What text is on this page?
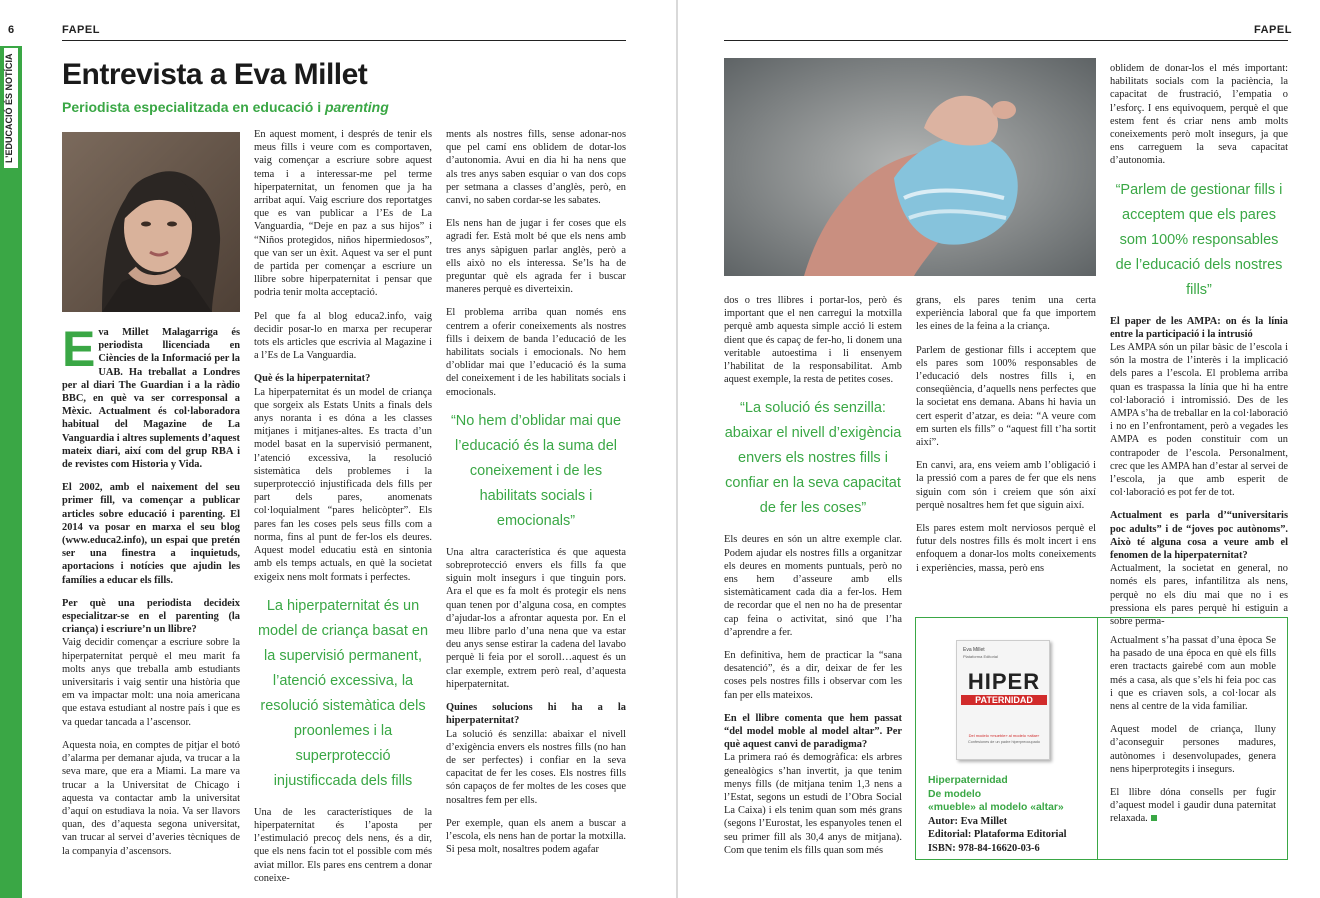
6	FAPEL
L’EDUCACIÓ ÉS NOTÍCIA
FAPEL
Entrevista a Eva Millet
Periodista especialitzada en educació i parenting

Eva Millet Malagarriga és periodista llicenciada en Ciències de la Informació per la UAB. Ha treballat a Londres per al diari The Guardian i a la ràdio BBC, en què va ser corresponsal a Mèxic. Actualment és col·laboradora habitual del Magazine de La Vanguardia i altres suplements d’aquest mateix diari, així com del grup RBA i de revistes com Historia y Vida.

El 2002, amb el naixement del seu primer fill, va començar a publicar articles sobre educació i parenting. El 2014 va posar en marxa el seu blog (www.educa2.info), un espai que pretén ser una finestra a inquietuds, aportacions i notícies que ajudin les famílies a educar els fills.

Per què una periodista decideix especialitzar-se en el parenting (la criança) i escriure’n un llibre?

Vaig decidir començar a escriure sobre la hiperpaternitat perquè el meu marit fa molts anys que treballa amb estudiants universitaris i vaig sentir una història que em va impactar molt: una noia americana que estava estudiant al nostre país i que es va quedar tancada a l’ascensor.

Aquesta noia, en comptes de pitjar el botó d’alarma per demanar ajuda, va trucar a la seva mare, que era a Miami. La mare va trucar a la Universitat de Chicago i aquesta va contactar amb la universitat d’aquí on estudiava la noia. Va ser llavors quan, des d’aquesta segona universitat, van trucar al servei d’averies tècniques de la companyia d’ascensors.

En aquest moment, i després de tenir els meus fills i veure com es comportaven, vaig començar a escriure sobre aquest tema i a interessar-me pel terme hiperpaternitat, un fenomen que ja ha arribat aquí. Vaig escriure dos reportatges que es van publicar a l’Es de La Vanguardia, “Deje en paz a sus hijos” i “Niños protegidos, niños hipermiedosos”, que van ser un èxit. Aquest va ser el punt de partida per començar a escriure un llibre sobre hiperpaternitat i pensar que podria tenir molta acceptació.

Pel que fa al blog educa2.info, vaig decidir posar-lo en marxa per recuperar tots els articles que escrivia al Magazine i a l’Es de La Vanguardia.

Què és la hiperpaternitat?

La hiperpaternitat és un model de criança que sorgeix als Estats Units a finals dels anys noranta i es dóna a les classes mitjanes i mitjanes-altes. Es tracta d’un model basat en la supervisió permanent, l’atenció excessiva, la resolució sistemàtica dels problemes i la superprotecció injustificada dels fills per part dels pares, anomenats col·loquialment “pares helicòpter”. Els pares fan les coses pels seus fills com a norma, fins al punt de fer-los els deures. Aquest model educatiu està en sintonia amb els temps actuals, en què la societat exigeix nens molt formats i perfectes.

La hiperpaternitat és un model de criança basat en la supervisió permanent, l’atenció excessiva, la resolució sistemàtica dels proonlemes i la superprotecció injustificcada dels fills

Una de les característiques de la hiperpaternitat és l’aposta per l’estimulació precoç dels nens, és a dir, que els nens facin tot el possible com més aviat millor. Els pares ens centrem a donar coneixe-

ments als nostres fills, sense adonar-nos que pel camí ens oblidem de dotar-los d’autonomia. Avui en dia hi ha nens que als tres anys saben esquiar o van dos cops per setmana a classes d’anglès, però, en canvi, no saben cordar-se les sabates.

Els nens han de jugar i fer coses que els agradi fer. Està molt bé que els nens amb tres anys sàpiguen parlar anglès, però a ells això no els interessa. Se’ls ha de preguntar què els agrada fer i buscar maneres perquè es diverteixin.

El problema arriba quan només ens centrem a oferir coneixements als nostres fills i deixem de banda l’educació de les habilitats socials i emocionals. No hem d’oblidar mai que l’educació és la suma del coneixement i de les habilitats socials i emocionals.

“No hem d’oblidar mai que l’educació és la suma del coneixement i de les habilitats socials i emocionals”

Una altra característica és que aquesta sobreprotecció envers els fills fa que siguin molt insegurs i que tinguin pors. Ara el que es fa molt és protegir els nens quan tenen por d’alguna cosa, en comptes d’ajudar-los a afrontar aquesta por. En el meu llibre parlo d’una nena que va estar deu anys sense estirar la cadena del lavabo perquè li feia por el soroll…aquest és un clar exemple, extrem però real, d’aquesta hiperpaternitat.

Quines solucions hi ha a la hiperpaternitat?

La solució és senzilla: abaixar el nivell d’exigència envers els nostres fills (no han de ser perfectes) i confiar en la seva capacitat de fer les coses. Els nostres fills són capaços de fer moltes de les coses que nosaltres fem per ells.

Per exemple, quan els anem a buscar a l’escola, els nens han de portar la motxilla. Si pesa molt, nosaltres podem agafar

dos o tres llibres i portar-los, però és important que el nen carregui la motxilla perquè amb aquesta simple acció li estem dient que és capaç de fer-ho, li donem una veritable autoestima i li ensenyem l’habilitat de la responsabilitat. Amb aquest exemple, la resta de petites coses.

“La solució és senzilla: abaixar el nivell d’exigència envers els nostres fills i confiar en la seva capacitat de fer les coses”

Els deures en són un altre exemple clar. Podem ajudar els nostres fills a organitzar els deures en moments puntuals, però no ens hem d’asseure amb ells sistemàticament cada dia a fer-los. Hem de recordar que el nen no ha de presentar cap feina o activitat, sinó que l’ha d’aprendre a fer.

En definitiva, hem de practicar la “sana desatenció”, és a dir, deixar de fer les coses pels nostres fills i observar com les fan per ells mateixos.

En el llibre comenta que hem passat “del model moble al model altar”. Per què aquest canvi de paradigma?

La primera raó és demogràfica: els arbres genealògics s’han invertit, ja que tenim menys fills (de mitjana tenim 1,3 nens a l’Estat, segons un estudi de l’Obra Social La Caixa) i els tenim quan som més grans (segons l’Eurostat, les espanyoles tenen el seu primer fill als 30,4 anys de mitjana). Com que tenim els fills quan som més

grans, els pares tenim una certa experiència laboral que fa que importem les eines de la feina a la criança.

Parlem de gestionar fills i acceptem que els pares som 100% responsables de l’educació dels nostres fills i, en conseqüència, d’aquells nens perfectes que la societat ens demana. Abans hi havia un cert esperit d’atzar, es deia: “A veure com em surten els fills” o “aquest fill t’ha sortit així”.

En canvi, ara, ens veiem amb l’obligació i la pressió com a pares de fer que els nens siguin com són i creiem que són així perquè nosaltres hem fet que siguin així.

Els pares estem molt nerviosos perquè el futur dels nostres fills és molt incert i ens enfoquem a donar-los molts coneixements i experiències, massa, però ens

oblidem de donar-los el més important: habilitats socials com la paciència, la capacitat de frustració, l’empatia o l’esforç. I ens equivoquem, perquè el que estem fent és criar nens amb molts coneixements però molt insegurs, ja que ens carreguem la seva capacitat d’autonomia.

“Parlem de gestionar fills i acceptem que els pares som 100% responsables de l’educació dels nostres fills”
El paper de les AMPA: on és la línia entre la participació i la intrusió

Les AMPA són un pilar bàsic de l’escola i són la mostra de l’interès i la implicació dels pares a l’escola. El problema arriba quan es traspassa la línia que hi ha entre col·laboració i intromissió. Des de les AMPA s’ha de treballar en la col·laboració i no en l’enfrontament, però a vegades les AMPA es poden constituir com un contrapoder de l’escola. Personalment, crec que les AMPA han d’estar al servei de l’escola, ja que amb esperit de col·laboració es pot fer de tot.

Actualment es parla d’“universitaris poc adults” i de “joves poc autònoms”. Això té alguna cosa a veure amb el fenomen de la hiperpaternitat?

Actualment, la societat en general, no només els pares, infantilitza als nens, perquè no els diu mai que no i es pressiona els pares perquè hi estiguin a sobre perma-

Eva Millet
Plataforma Editorial
HIPER
PATERNIDAD
Del modelo «mueble» al modelo «altar»
Confesiones de un padre hiperpreocupado
Hiperpaternidad
De modelo
«mueble» al modelo «altar»
Autor: Eva Millet
Editorial: Plataforma Editorial
ISBN: 978-84-16620-03-6

Actualment s’ha passat d’una època Se ha pasado de una época en què els fills eren tractacts gairebé com aun moble més a casa, als que s’els hi feia poc cas i que es criaven sols, a col·locar als nens al centre de la vida familiar.

Aquest model de criança, lluny d’aconseguir persones madures, autònomes i desenvolupades, genera nens hiperprotegits i insegurs.

El llibre dóna consells per fugir d’aquest model i gaudir duna paternitat relaxada.
